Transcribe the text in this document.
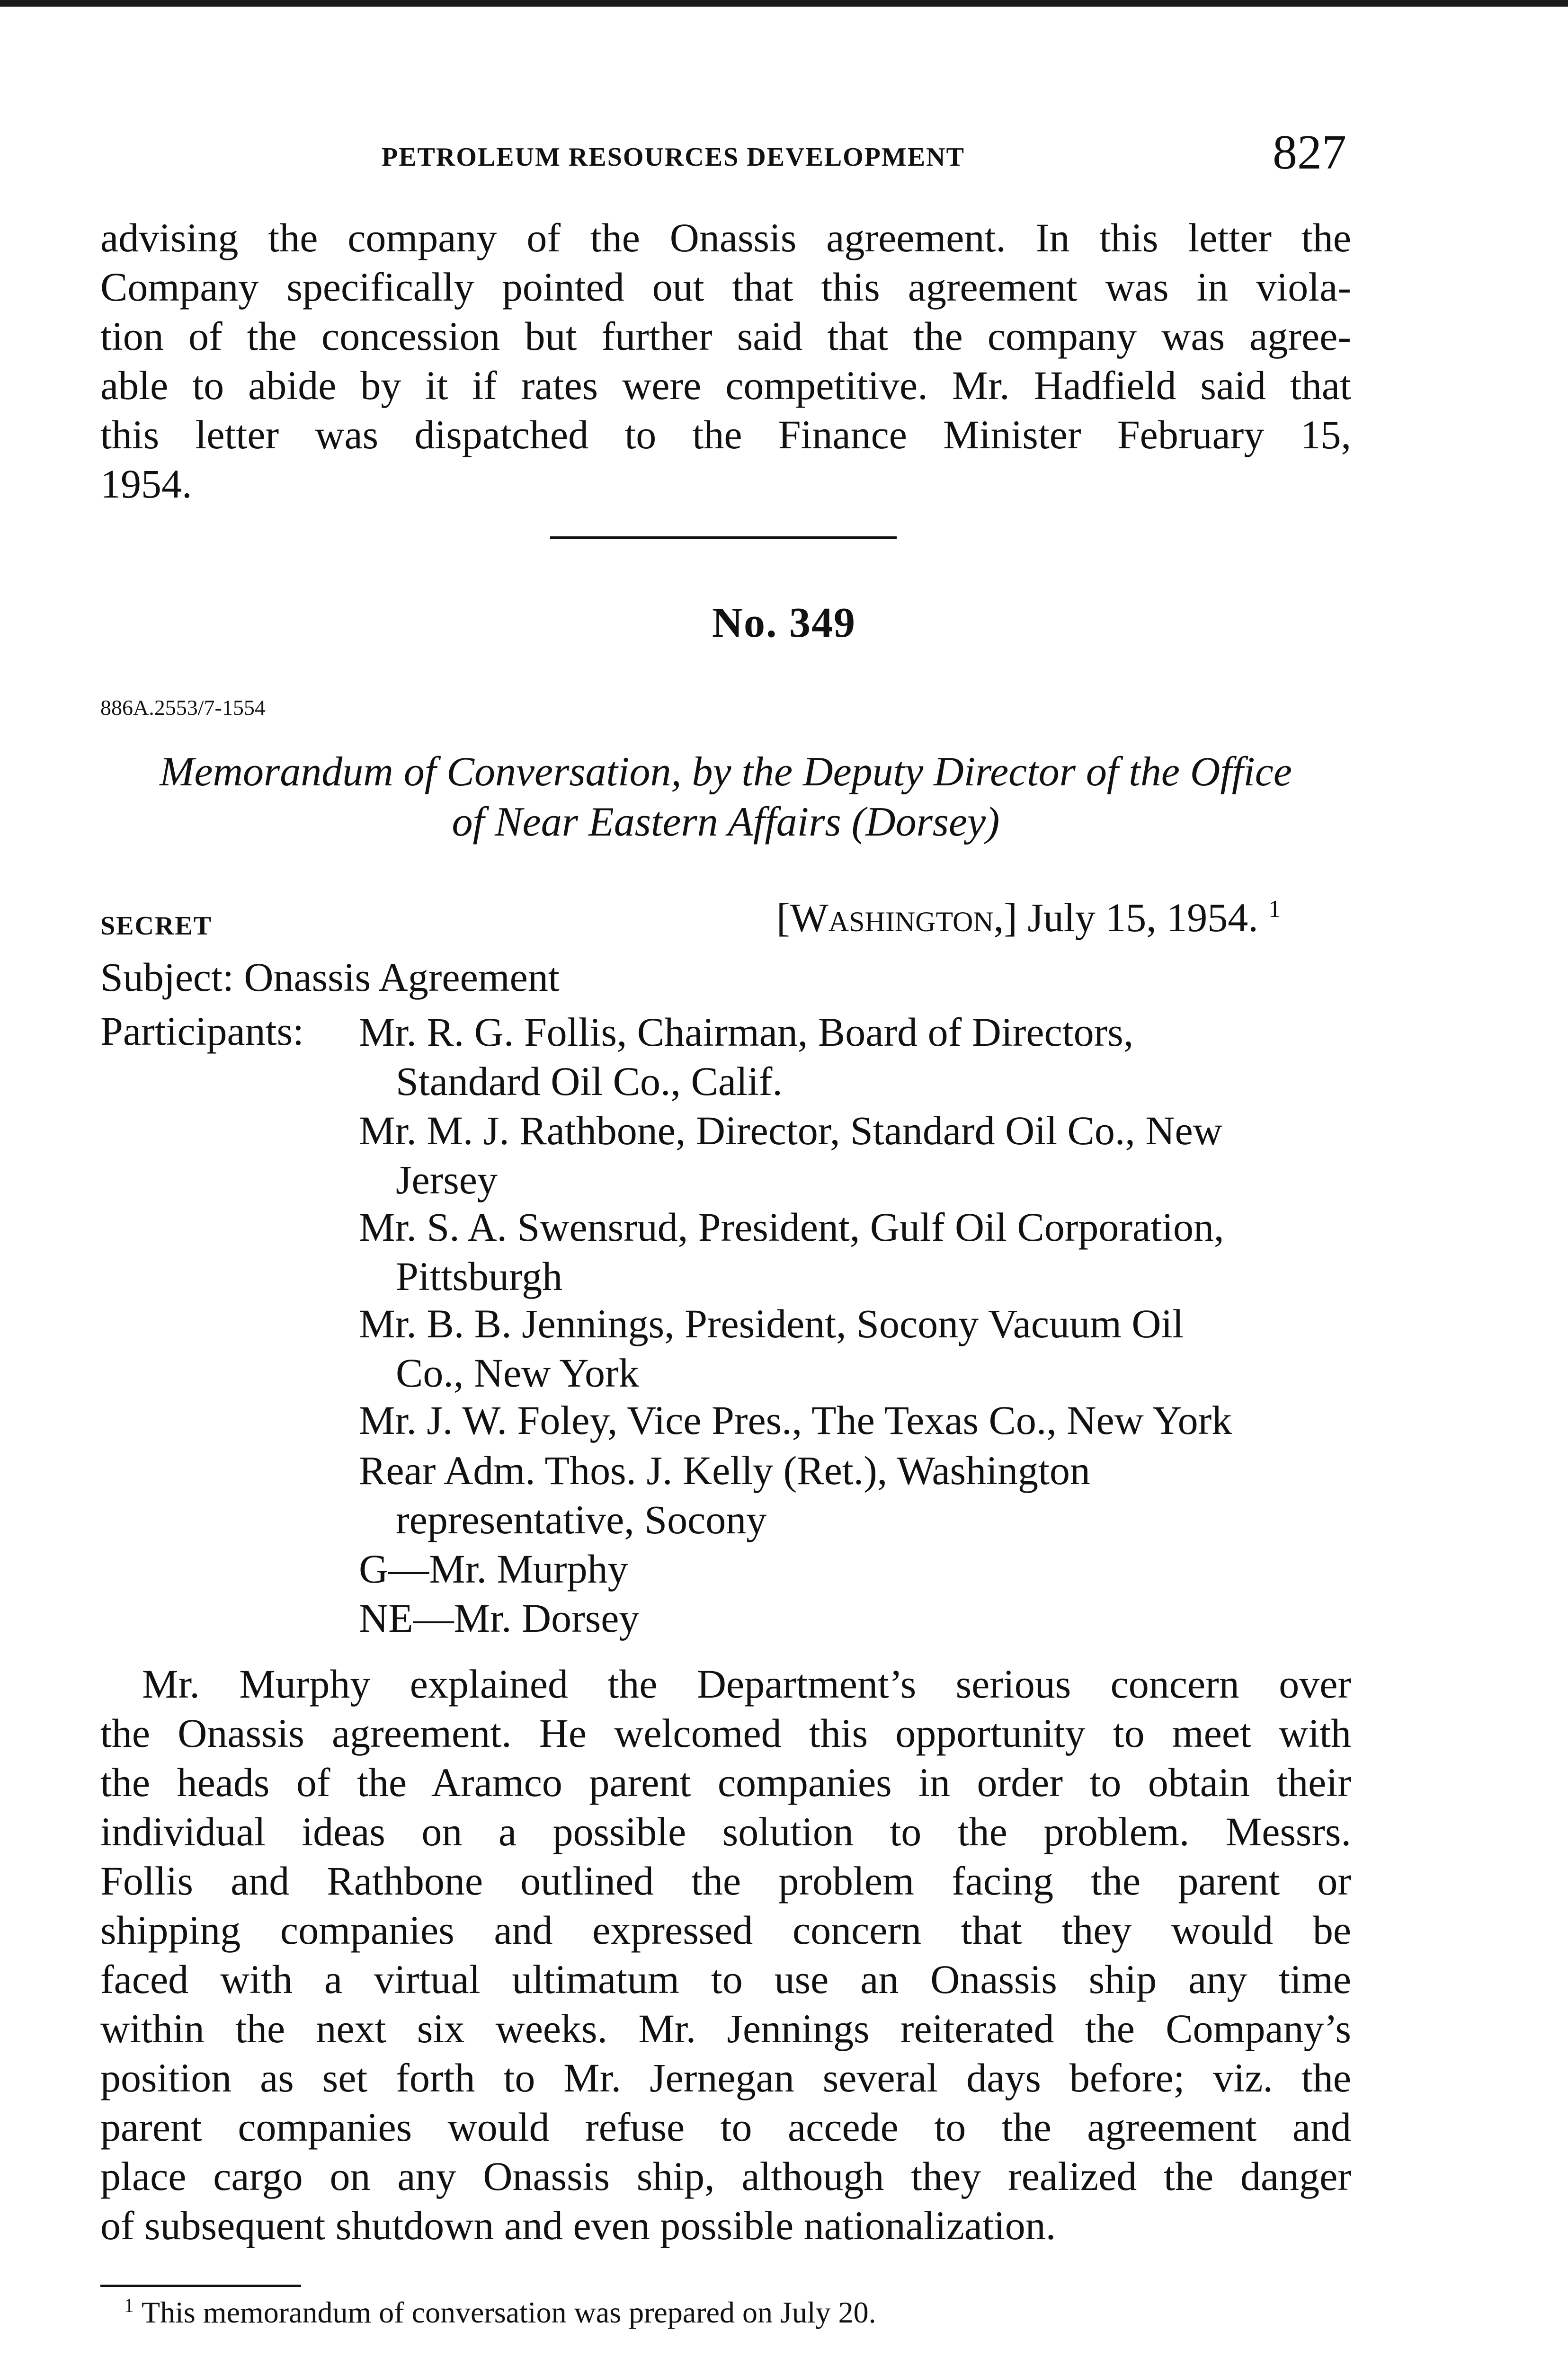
PETROLEUM RESOURCES DEVELOPMENT	827
advising the company of the Onassis agreement. In this letter the
Company specifically pointed out that this agreement was in viola-
tion of the concession but further said that the company was agree-
able to abide by it if rates were competitive. Mr. Hadfield said that
this letter was dispatched to the Finance Minister February 15,
1954.
No. 349
886A.2553/7-1554
Memorandum of Conversation, by the Deputy Director of the Office
of Near Eastern Affairs (Dorsey)
SECRET	[Washington,] July 15, 1954. $^1$
Subject: Onassis Agreement
Participants: Mr. R. G. Follis, Chairman, Board of Directors,
Standard Oil Co., Calif.
Mr. M. J. Rathbone, Director, Standard Oil Co., New
Jersey
Mr. S. A. Swensrud, President, Gulf Oil Corporation,
Pittsburgh
Mr. B. B. Jennings, President, Socony Vacuum Oil
Co., New York
Mr. J. W. Foley, Vice Pres., The Texas Co., New York
Rear Adm. Thos. J. Kelly (Ret.), Washington
representative, Socony
G—Mr. Murphy
NE—Mr. Dorsey
Mr. Murphy explained the Department’s serious concern over
the Onassis agreement. He welcomed this opportunity to meet with
the heads of the Aramco parent companies in order to obtain their
individual ideas on a possible solution to the problem. Messrs.
Follis and Rathbone outlined the problem facing the parent or
shipping companies and expressed concern that they would be
faced with a virtual ultimatum to use an Onassis ship any time
within the next six weeks. Mr. Jennings reiterated the Company’s
position as set forth to Mr. Jernegan several days before; viz. the
parent companies would refuse to accede to the agreement and
place cargo on any Onassis ship, although they realized the danger
of subsequent shutdown and even possible nationalization.
$^1$ This memorandum of conversation was prepared on July 20.
